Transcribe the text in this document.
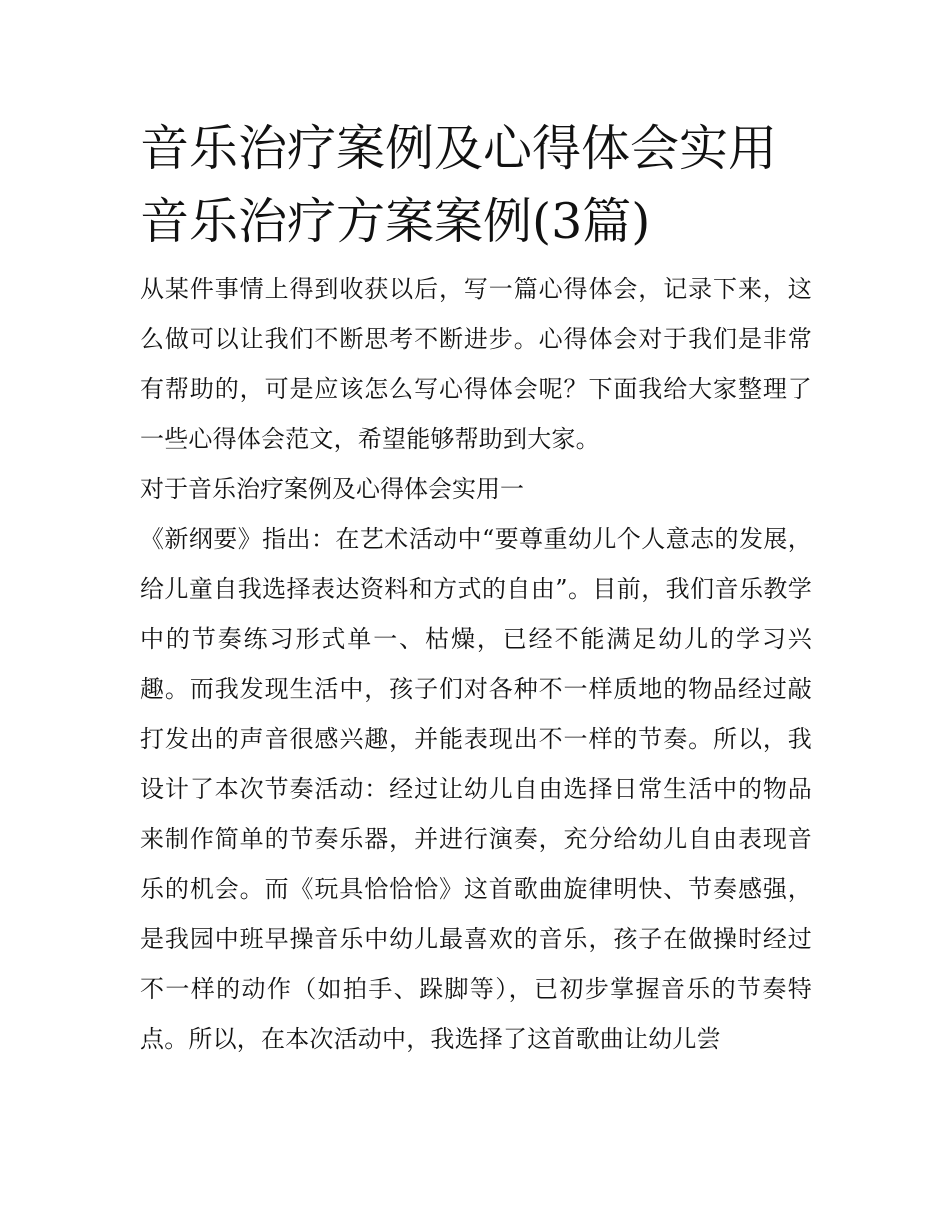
音乐治疗案例及心得体会实用
音乐治疗方案案例(3篇)

从某件事情上得到收获以后，写一篇心得体会，记录下来，这么做可以让我们不断思考不断进步。心得体会对于我们是非常有帮助的，可是应该怎么写心得体会呢？下面我给大家整理了一些心得体会范文，希望能够帮助到大家。

对于音乐治疗案例及心得体会实用一

《新纲要》指出：在艺术活动中“要尊重幼儿个人意志的发展，给儿童自我选择表达资料和方式的自由”。目前，我们音乐教学中的节奏练习形式单一、枯燥，已经不能满足幼儿的学习兴趣。而我发现生活中，孩子们对各种不一样质地的物品经过敲打发出的声音很感兴趣，并能表现出不一样的节奏。所以，我设计了本次节奏活动：经过让幼儿自由选择日常生活中的物品来制作简单的节奏乐器，并进行演奏，充分给幼儿自由表现音乐的机会。而《玩具恰恰恰》这首歌曲旋律明快、节奏感强，是我园中班早操音乐中幼儿最喜欢的音乐，孩子在做操时经过不一样的动作（如拍手、跺脚等），已初步掌握音乐的节奏特点。所以，在本次活动中，我选择了这首歌曲让幼儿尝
